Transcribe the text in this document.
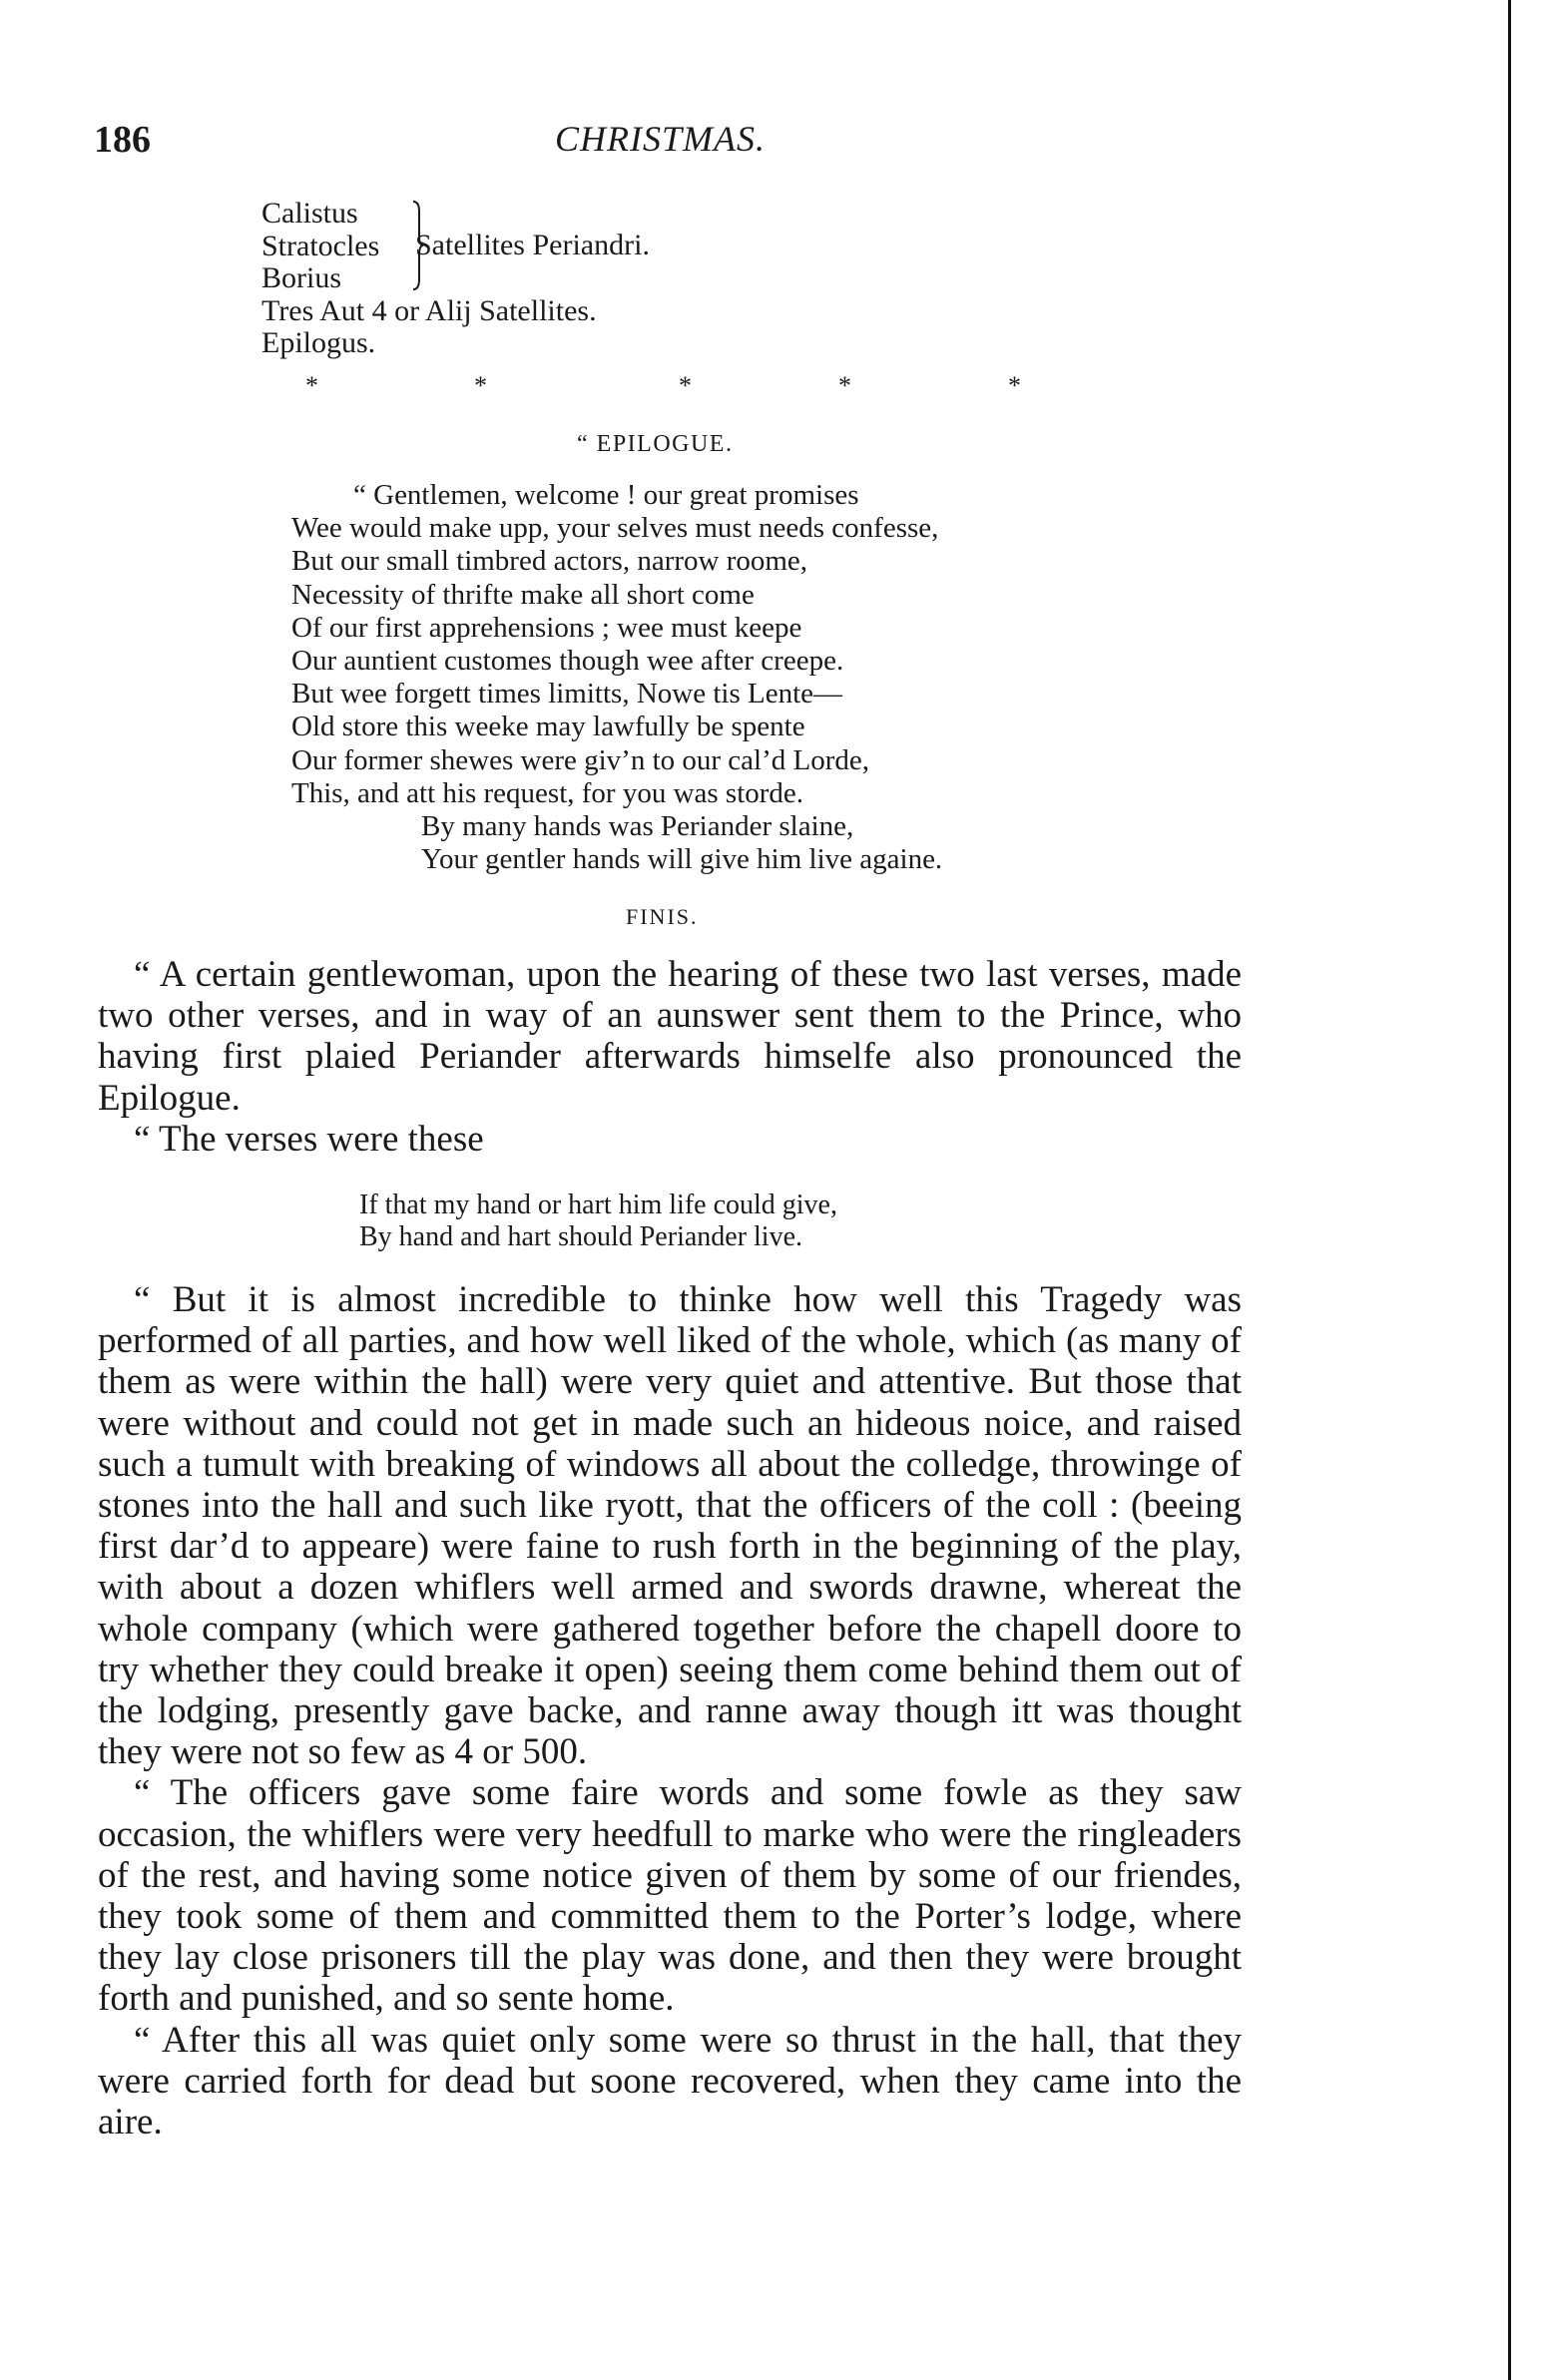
186	CHRISTMAS.
Calistus
Stratocles
Borius
Satellites Periandri.
Tres Aut 4 or Alij Satellites.
Epilogus.
*	*	*	*	*
“ EPILOGUE.
“ Gentlemen, welcome ! our great promises
Wee would make upp, your selves must needs confesse,
But our small timbred actors, narrow roome,
Necessity of thrifte make all short come
Of our first apprehensions ; wee must keepe
Our auntient customes though wee after creepe.
But wee forgett times limitts, Nowe tis Lente—
Old store this weeke may lawfully be spente
Our former shewes were giv’n to our cal’d Lorde,
This, and att his request, for you was storde.
By many hands was Periander slaine,
Your gentler hands will give him live againe.
FINIS.

“ A certain gentlewoman, upon the hearing of these two last verses, made two other verses, and in way of an aunswer sent them to the Prince, who having first plaied Periander afterwards himselfe also pronounced the Epilogue.

“ The verses were these

If that my hand or hart him life could give,
By hand and hart should Periander live.

“ But it is almost incredible to thinke how well this Tragedy was performed of all parties, and how well liked of the whole, which (as many of them as were within the hall) were very quiet and attentive. But those that were without and could not get in made such an hideous noice, and raised such a tumult with breaking of windows all about the colledge, throwinge of stones into the hall and such like ryott, that the officers of the coll : (beeing first dar’d to appeare) were faine to rush forth in the beginning of the play, with about a dozen whiflers well armed and swords drawne, whereat the whole company (which were gathered together before the chapell doore to try whether they could breake it open) seeing them come behind them out of the lodging, presently gave backe, and ranne away though itt was thought they were not so few as 4 or 500.

“ The officers gave some faire words and some fowle as they saw occasion, the whiflers were very heedfull to marke who were the ringleaders of the rest, and having some notice given of them by some of our friendes, they took some of them and committed them to the Porter’s lodge, where they lay close prisoners till the play was done, and then they were brought forth and punished, and so sente home.

“ After this all was quiet only some were so thrust in the hall, that they were carried forth for dead but soone recovered, when they came into the aire.
